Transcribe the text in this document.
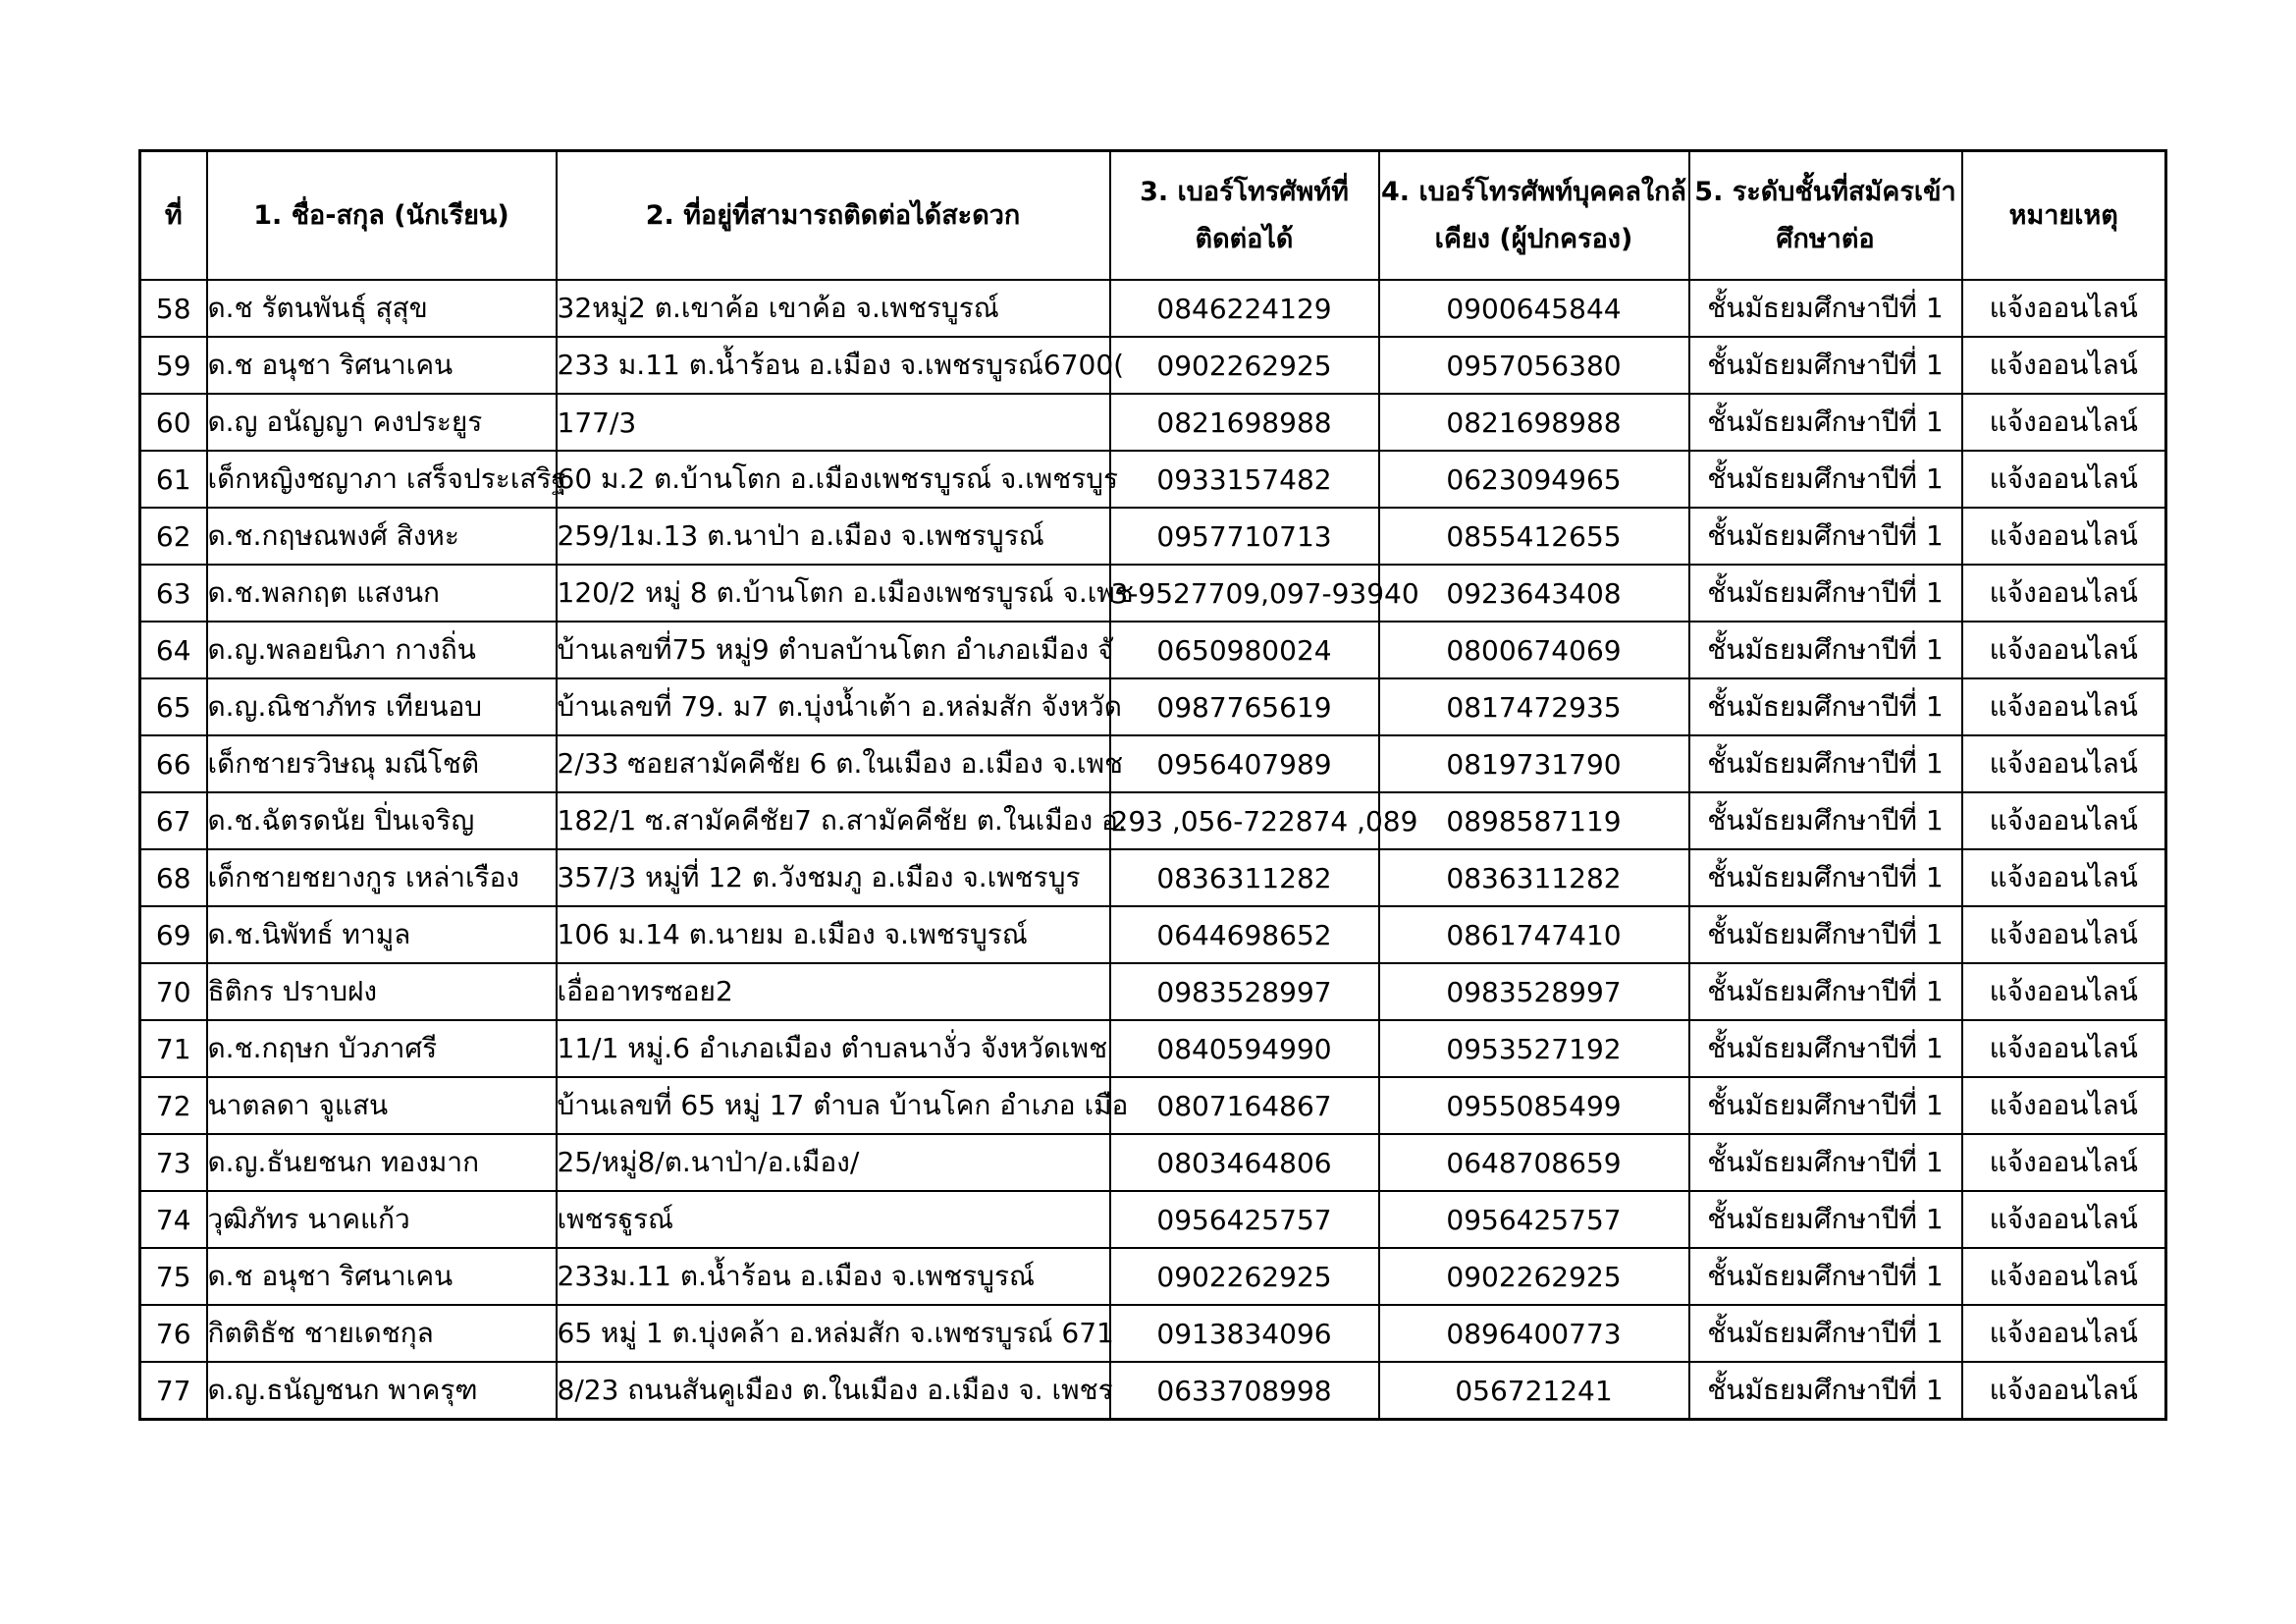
ที่	1. ชื่อ-สกุล (นักเรียน)	2. ที่อยู่ที่สามารถติดต่อได้สะดวก	3. เบอร์โทรศัพท์ที่ติดต่อได้	4. เบอร์โทรศัพท์บุคคลใกล้เคียง (ผู้ปกครอง)	5. ระดับชั้นที่สมัครเข้าศึกษาต่อ	หมายเหตุ
58	ด.ช รัตนพันธุ์ สุสุข	32หมู่2 ต.เขาค้อ เขาค้อ จ.เพชรบูรณ์	0846224129	0900645844	ชั้นมัธยมศึกษาปีที่ 1	แจ้งออนไลน์
59	ด.ช อนุชา ริศนาเคน	233 ม.11 ต.น้ำร้อน อ.เมือง จ.เพชรบูรณ์6700(	0902262925	0957056380	ชั้นมัธยมศึกษาปีที่ 1	แจ้งออนไลน์
60	ด.ญ อนัญญา คงประยูร	177/3	0821698988	0821698988	ชั้นมัธยมศึกษาปีที่ 1	แจ้งออนไลน์
61	เด็กหญิงชญาภา เสร็จประเสริฐ	60 ม.2 ต.บ้านโตก อ.เมืองเพชรบูรณ์ จ.เพชรบูร	0933157482	0623094965	ชั้นมัธยมศึกษาปีที่ 1	แจ้งออนไลน์
62	ด.ช.กฤษณพงศ์ สิงหะ	259/1ม.13 ต.นาป่า อ.เมือง จ.เพชรบูรณ์	0957710713	0855412655	ชั้นมัธยมศึกษาปีที่ 1	แจ้งออนไลน์
63	ด.ช.พลกฤต แสงนก	120/2 หมู่ 8 ต.บ้านโตก อ.เมืองเพชรบูรณ์ จ.เพช	3-9527709,097-93940	0923643408	ชั้นมัธยมศึกษาปีที่ 1	แจ้งออนไลน์
64	ด.ญ.พลอยนิภา กางถิ่น	บ้านเลขที่75 หมู่9 ตำบลบ้านโตก อำเภอเมือง จั	0650980024	0800674069	ชั้นมัธยมศึกษาปีที่ 1	แจ้งออนไลน์
65	ด.ญ.ณิชาภัทร เทียนอบ	บ้านเลขที่ 79. ม7 ต.บุ่งน้ำเต้า อ.หล่มสัก จังหวัด	0987765619	0817472935	ชั้นมัธยมศึกษาปีที่ 1	แจ้งออนไลน์
66	เด็กชายรวิษณุ มณีโชติ	2/33 ซอยสามัคคีชัย 6 ต.ในเมือง อ.เมือง จ.เพช	0956407989	0819731790	ชั้นมัธยมศึกษาปีที่ 1	แจ้งออนไลน์
67	ด.ช.ฉัตรดนัย ปิ่นเจริญ	182/1 ซ.สามัคคีชัย7 ถ.สามัคคีชัย ต.ในเมือง อ.	293 ,056-722874 ,089	0898587119	ชั้นมัธยมศึกษาปีที่ 1	แจ้งออนไลน์
68	เด็กชายชยางกูร เหล่าเรือง	357/3 หมู่ที่ 12 ต.วังชมภู อ.เมือง จ.เพชรบูร	0836311282	0836311282	ชั้นมัธยมศึกษาปีที่ 1	แจ้งออนไลน์
69	ด.ช.นิพัทธ์ ทามูล	106 ม.14 ต.นายม อ.เมือง จ.เพชรบูรณ์	0644698652	0861747410	ชั้นมัธยมศึกษาปีที่ 1	แจ้งออนไลน์
70	ธิติกร ปราบฝง	เอื่ออาทรซอย2	0983528997	0983528997	ชั้นมัธยมศึกษาปีที่ 1	แจ้งออนไลน์
71	ด.ช.กฤษก บัวภาศรี	11/1 หมู่.6 อำเภอเมือง ตำบลนางั่ว จังหวัดเพช	0840594990	0953527192	ชั้นมัธยมศึกษาปีที่ 1	แจ้งออนไลน์
72	นาตลดา จูแสน	บ้านเลขที่ 65 หมู่ 17 ตำบล บ้านโคก อำเภอ เมือ	0807164867	0955085499	ชั้นมัธยมศึกษาปีที่ 1	แจ้งออนไลน์
73	ด.ญ.ธันยชนก ทองมาก	25/หมู่8/ต.นาป่า/อ.เมือง/	0803464806	0648708659	ชั้นมัธยมศึกษาปีที่ 1	แจ้งออนไลน์
74	วุฒิภัทร นาคแก้ว	เพชรฐูรณ์	0956425757	0956425757	ชั้นมัธยมศึกษาปีที่ 1	แจ้งออนไลน์
75	ด.ช อนุชา ริศนาเคน	233ม.11 ต.น้ำร้อน อ.เมือง จ.เพชรบูรณ์	0902262925	0902262925	ชั้นมัธยมศึกษาปีที่ 1	แจ้งออนไลน์
76	กิตติธัช ชายเดชกุล	65 หมู่ 1 ต.บุ่งคล้า อ.หล่มสัก จ.เพชรบูรณ์ 671	0913834096	0896400773	ชั้นมัธยมศึกษาปีที่ 1	แจ้งออนไลน์
77	ด.ญ.ธนัญชนก พาครุฑ	8/23 ถนนสันคูเมือง ต.ในเมือง อ.เมือง จ. เพชร	0633708998	056721241	ชั้นมัธยมศึกษาปีที่ 1	แจ้งออนไลน์
